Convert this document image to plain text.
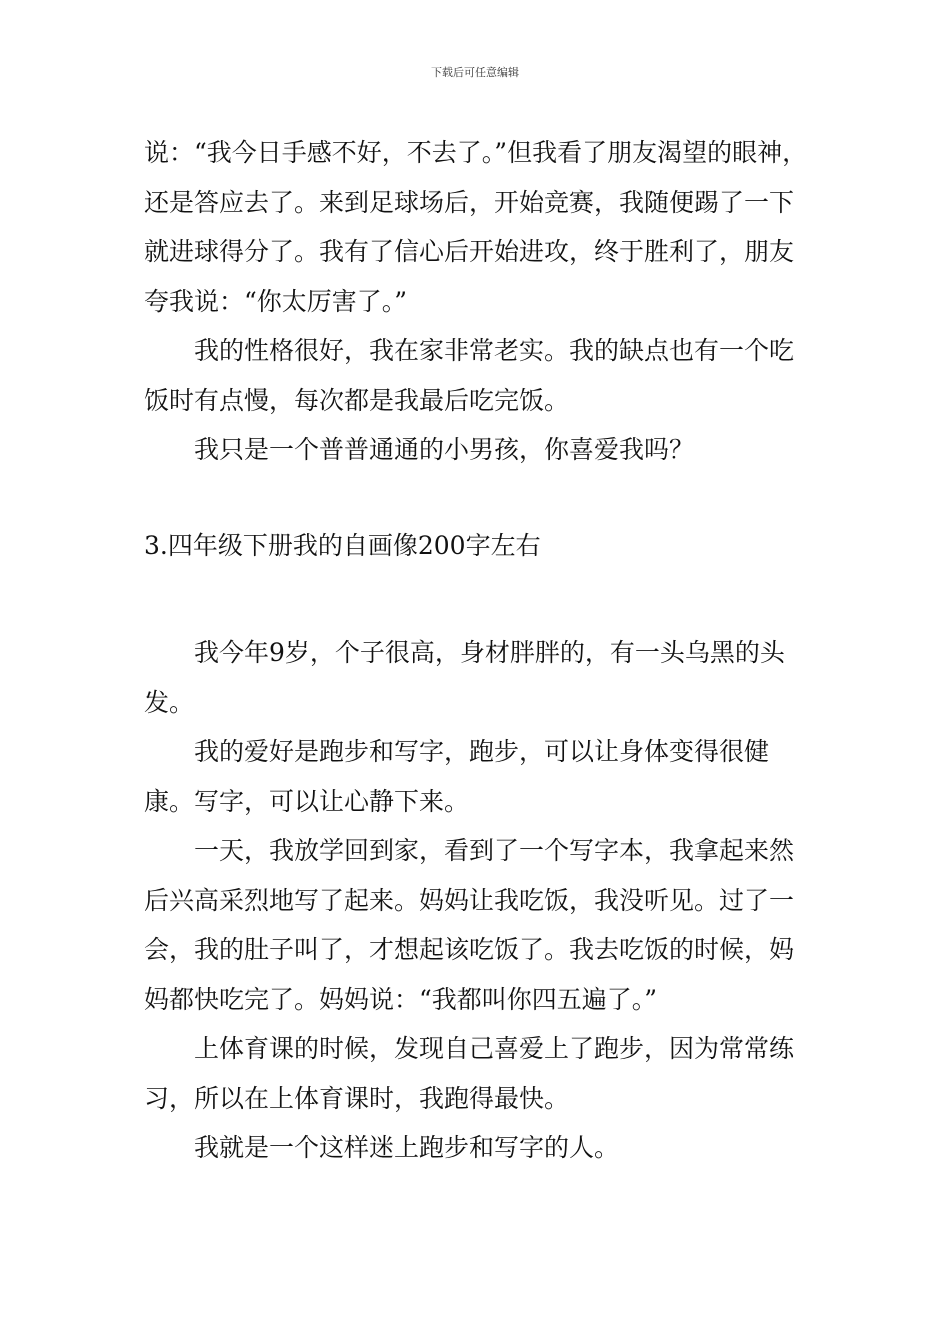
下载后可任意编辑

说：“我今日手感不好，不去了。”但我看了朋友渴望的眼神，还是答应去了。来到足球场后，开始竞赛，我随便踢了一下就进球得分了。我有了信心后开始进攻，终于胜利了，朋友夸我说：“你太厉害了。”

我的性格很好，我在家非常老实。我的缺点也有一个吃饭时有点慢，每次都是我最后吃完饭。

我只是一个普普通通的小男孩，你喜爱我吗？

3.四年级下册我的自画像200字左右

我今年9岁，个子很高，身材胖胖的，有一头乌黑的头发。

我的爱好是跑步和写字，跑步，可以让身体变得很健康。写字，可以让心静下来。

一天，我放学回到家，看到了一个写字本，我拿起来然后兴高采烈地写了起来。妈妈让我吃饭，我没听见。过了一会，我的肚子叫了，才想起该吃饭了。我去吃饭的时候，妈妈都快吃完了。妈妈说：“我都叫你四五遍了。”

上体育课的时候，发现自己喜爱上了跑步，因为常常练习，所以在上体育课时，我跑得最快。

我就是一个这样迷上跑步和写字的人。
